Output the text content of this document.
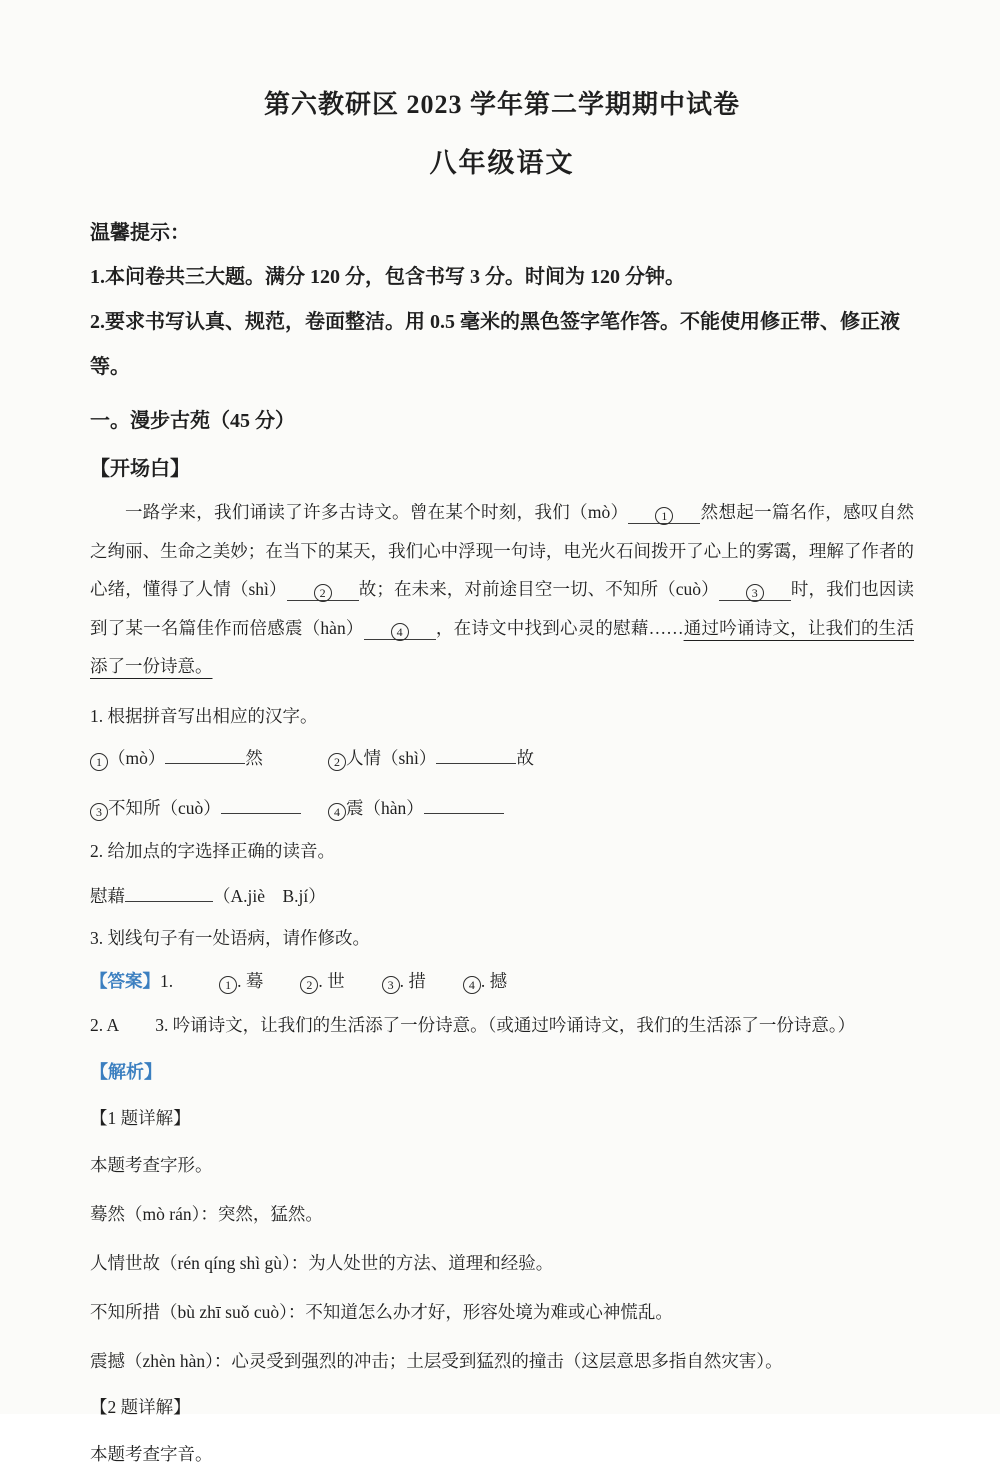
第六教研区 2023 学年第二学期期中试卷
八年级语文

温馨提示：

1.本问卷共三大题。满分 120 分，包含书写 3 分。时间为 120 分钟。

2.要求书写认真、规范，卷面整洁。用 0.5 毫米的黑色签字笔作答。不能使用修正带、修正液

等。

一。漫步古苑（45 分）

【开场白】

一路学来，我们诵读了许多古诗文。曾在某个时刻，我们（mò）	1 然想起一篇名作，感叹自然之绚丽、生命之美妙；在当下的某天，我们心中浮现一句诗，电光火石间拨开了心上的雾霭，理解了作者的心绪，懂得了人情（shì）	2 故；在未来，对前途目空一切、不知所（cuò）	3 时，我们也因读到了某一名篇佳作而倍感震（hàn）	4 ，在诗文中找到心灵的慰藉……通过吟诵诗文，让我们的生活添了一份诗意。

1. 根据拼音写出相应的汉字。

1 （mò）	然	2 人情（shì）	故
3 不知所（cuò）	4 震（hàn）

2. 给加点的字选择正确的读音。

慰藉	（A.jiè　B.jí）

3. 划线句子有一处语病，请作修改。

【答案】1.	1 . 蓦	2 . 世	3 . 措	4 . 撼

2. A 3. 吟诵诗文，让我们的生活添了一份诗意。（或通过吟诵诗文，我们的生活添了一份诗意。）

【解析】

【1 题详解】

本题考查字形。

蓦然（mò rán）：突然，猛然。

人情世故（rén qíng shì gù）：为人处世的方法、道理和经验。

不知所措（bù zhī suǒ cuò）：不知道怎么办才好，形容处境为难或心神慌乱。

震撼（zhèn hàn）：心灵受到强烈的冲击；土层受到猛烈的撞击（这层意思多指自然灾害）。

【2 题详解】

本题考查字音。
